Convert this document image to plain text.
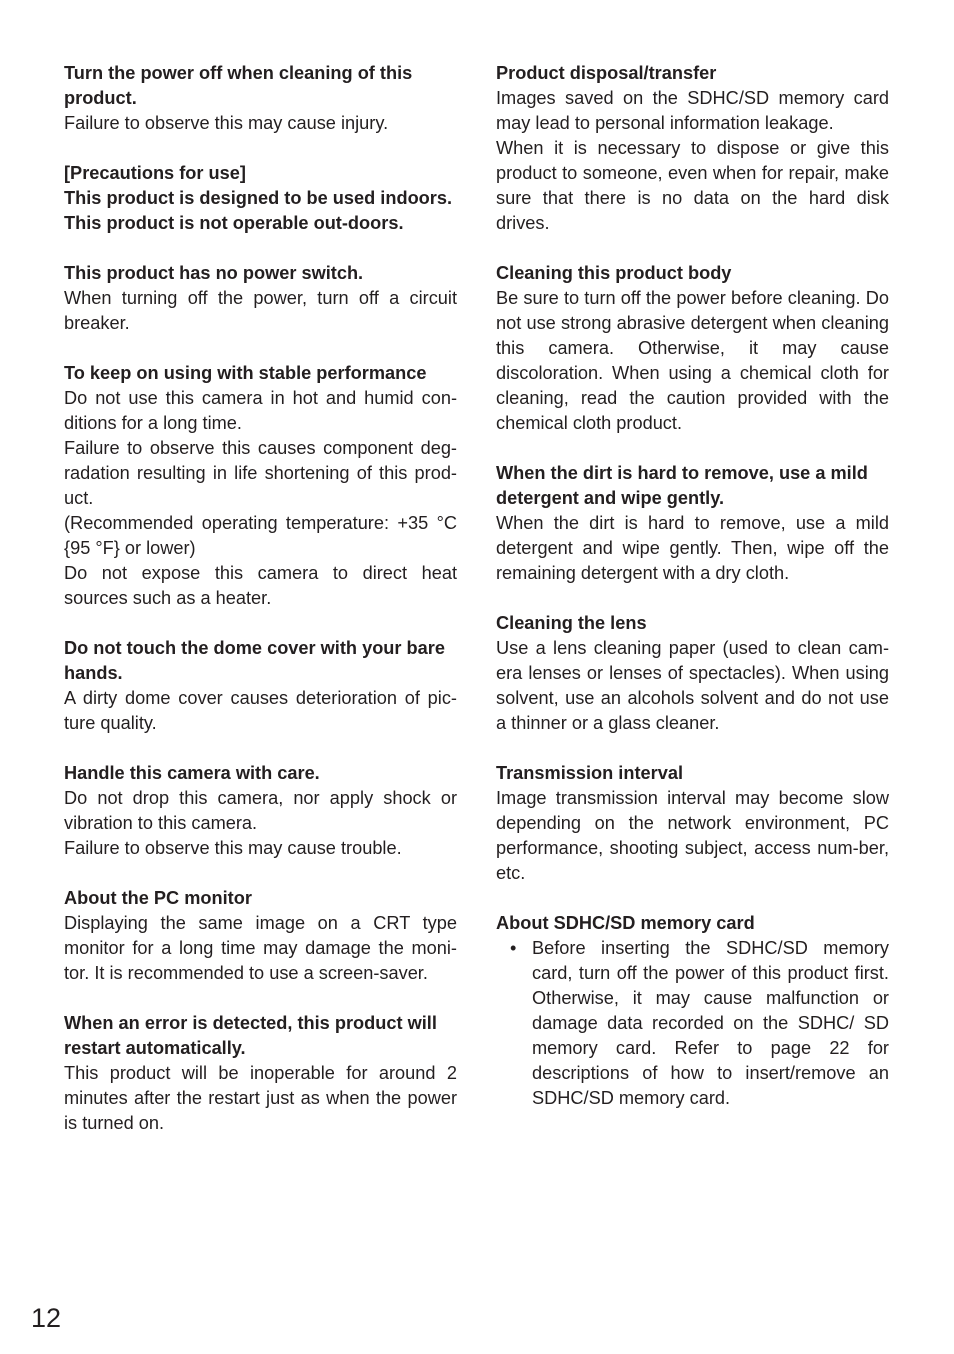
Turn the power off when cleaning of this product.

Failure to observe this may cause injury.

[Precautions for use]
This product is designed to be used indoors. This product is not operable out-doors.
This product has no power switch.

When turning off the power, turn off a circuit breaker.

To keep on using with stable performance

Do not use this camera in hot and humid con-ditions for a long time.

Failure to observe this causes component deg-radation resulting in life shortening of this prod-uct.

(Recommended operating temperature: +35 °C {95 °F} or lower)

Do not expose this camera to direct heat sources such as a heater.

Do not touch the dome cover with your bare hands.

A dirty dome cover causes deterioration of pic-ture quality.

Handle this camera with care.

Do not drop this camera, nor apply shock or vibration to this camera.

Failure to observe this may cause trouble.

About the PC monitor

Displaying the same image on a CRT type monitor for a long time may damage the moni-tor. It is recommended to use a screen-saver.

When an error is detected, this product will restart automatically.

This product will be inoperable for around 2 minutes after the restart just as when the power is turned on.

Product disposal/transfer

Images saved on the SDHC/SD memory card may lead to personal information leakage.

When it is necessary to dispose or give this product to someone, even when for repair, make sure that there is no data on the hard disk drives.

Cleaning this product body

Be sure to turn off the power before cleaning. Do not use strong abrasive detergent when cleaning this camera. Otherwise, it may cause discoloration. When using a chemical cloth for cleaning, read the caution provided with the chemical cloth product.

When the dirt is hard to remove, use a mild detergent and wipe gently.

When the dirt is hard to remove, use a mild detergent and wipe gently. Then, wipe off the remaining detergent with a dry cloth.

Cleaning the lens

Use a lens cleaning paper (used to clean cam-era lenses or lenses of spectacles). When using solvent, use an alcohols solvent and do not use a thinner or a glass cleaner.

Transmission interval

Image transmission interval may become slow depending on the network environment, PC performance, shooting subject, access num-ber, etc.

About SDHC/SD memory card
• Before inserting the SDHC/SD memory card, turn off the power of this product first. Otherwise, it may cause malfunction or damage data recorded on the SDHC/ SD memory card. Refer to page 22 for descriptions of how to insert/remove an SDHC/SD memory card.
12
